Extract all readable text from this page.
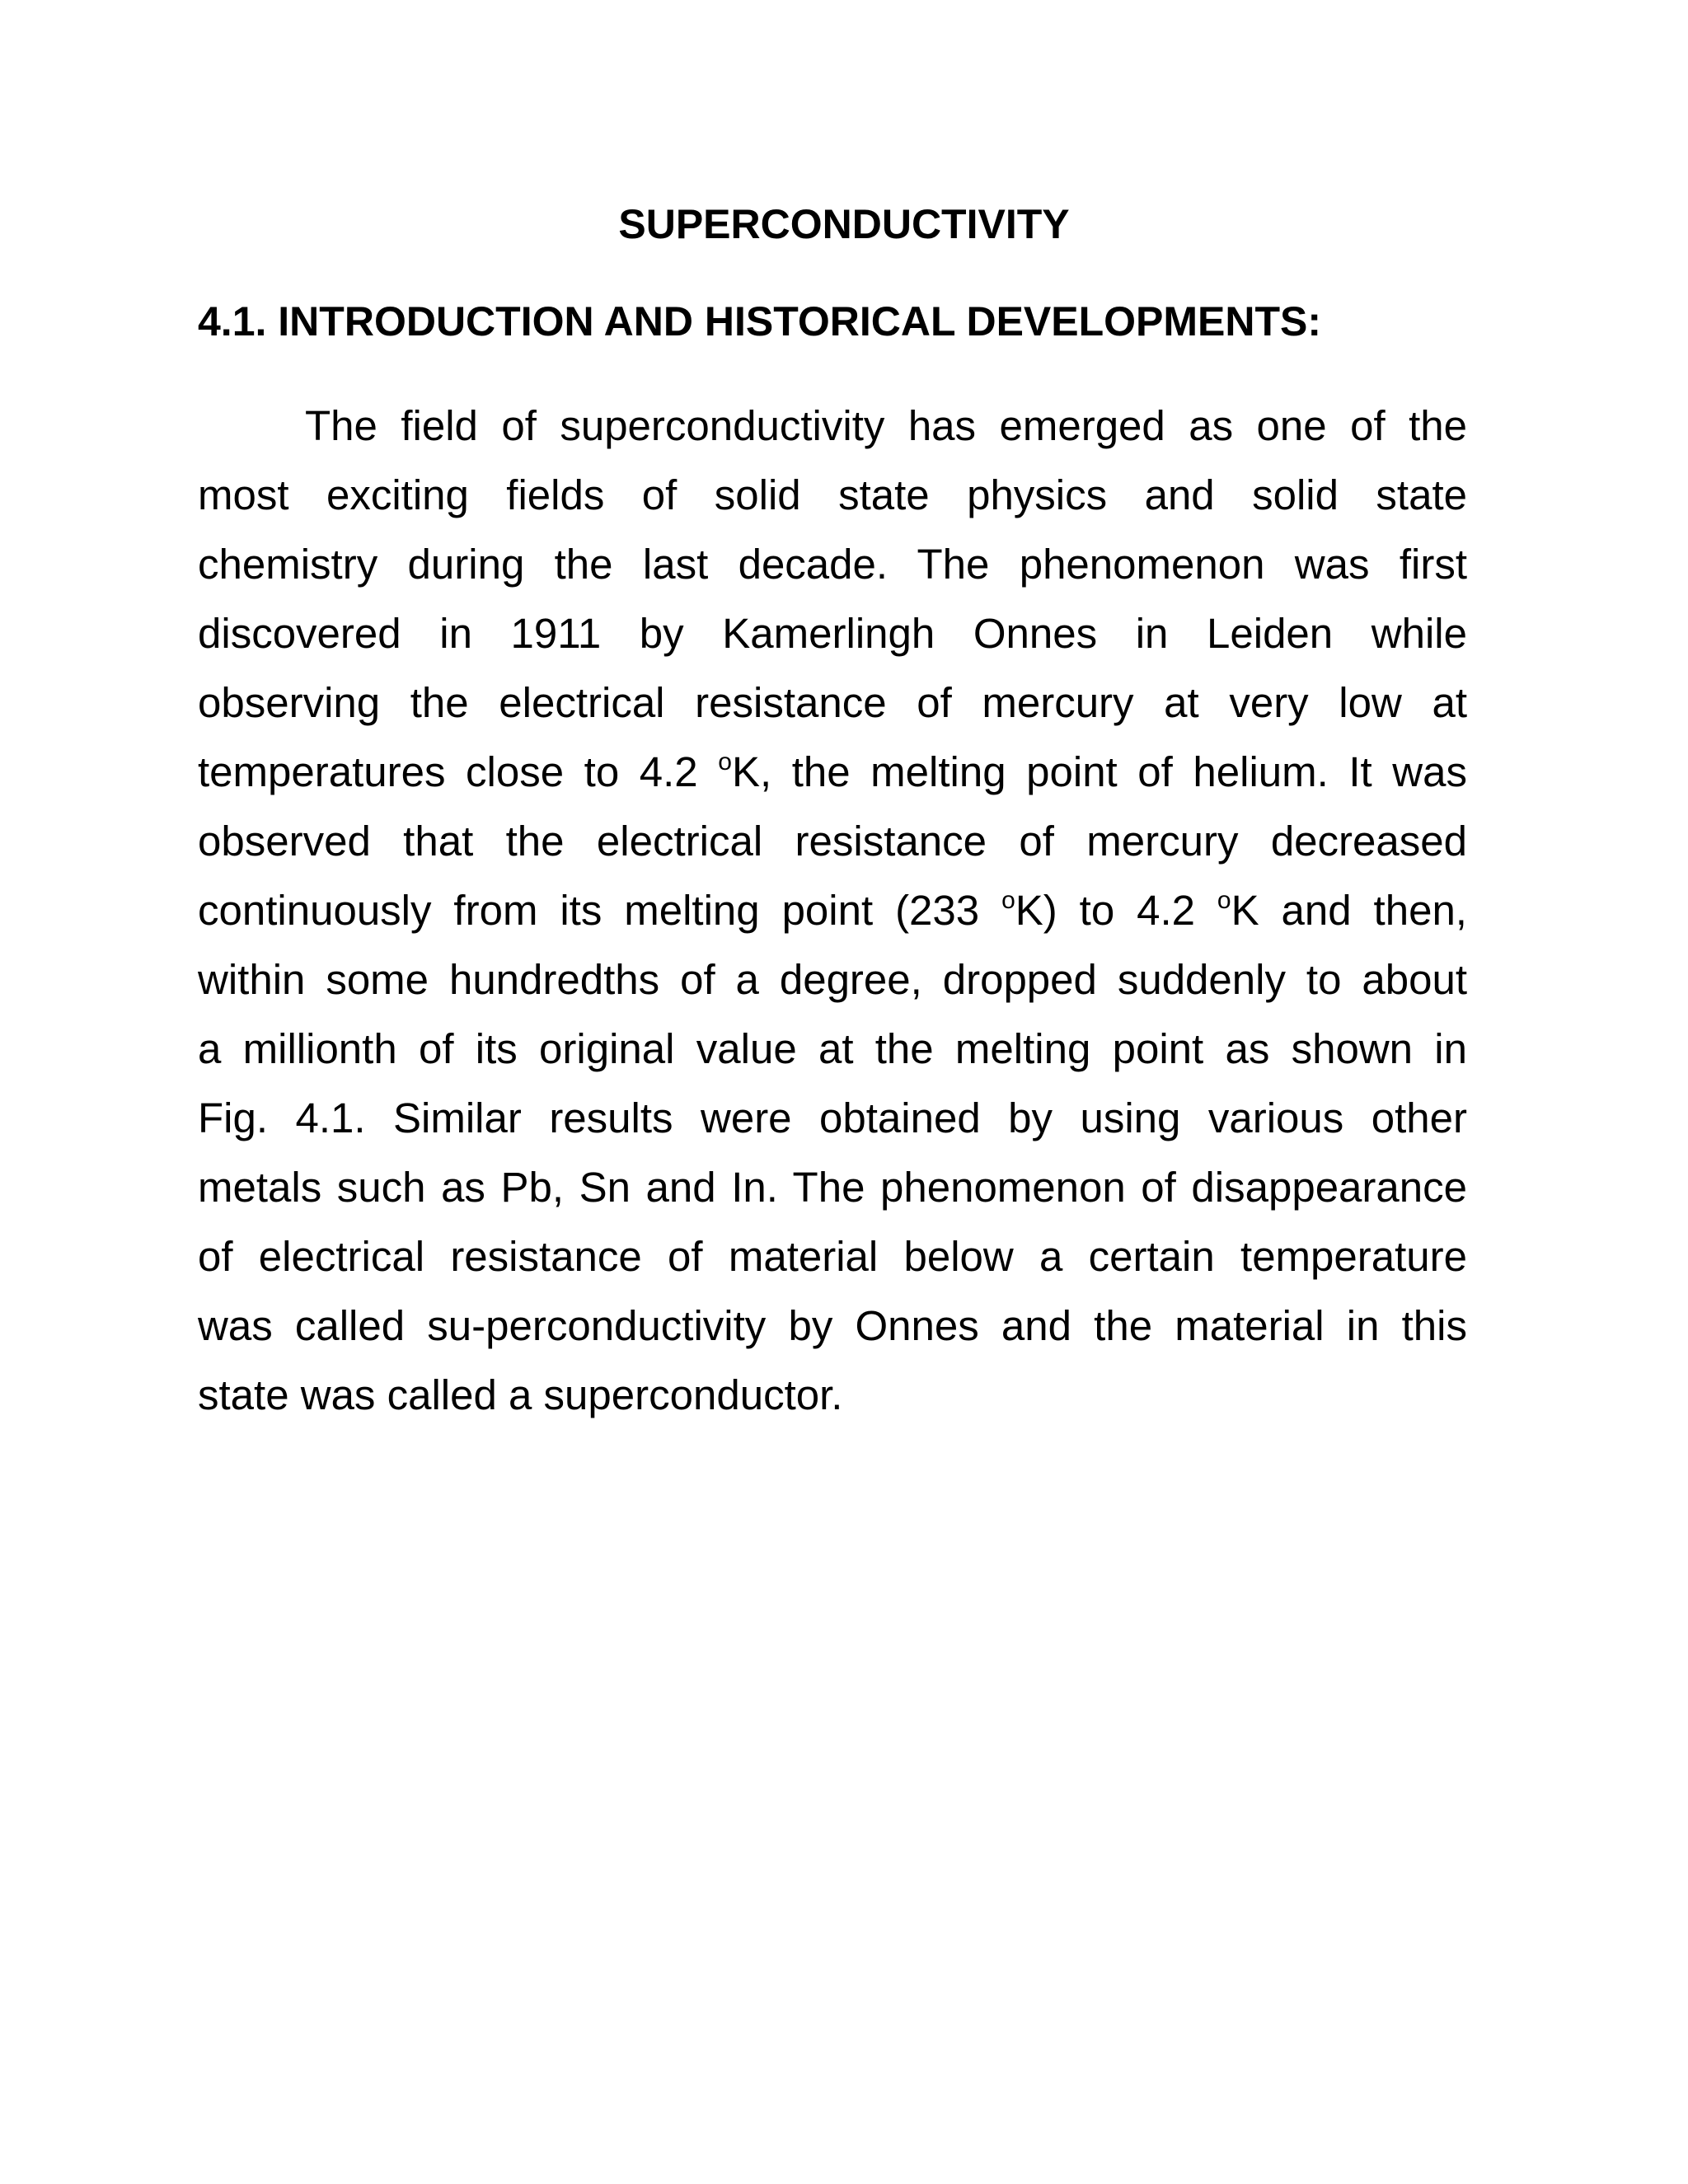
SUPERCONDUCTIVITY
4.1. INTRODUCTION AND HISTORICAL DEVELOPMENTS:
The field of superconductivity has emerged as one of the
most exciting fields of solid state physics and solid state
chemistry during the last decade. The phenomenon was first
discovered in 1911 by Kamerlingh Onnes in Leiden while
observing the electrical resistance of mercury at very low at
temperatures close to 4.2 $^o$K, the melting point of helium. It was
observed that the electrical resistance of mercury decreased
continuously from its melting point (233 $^o$K) to 4.2 $^o$K and then,
within some hundredths of a degree, dropped suddenly to about
a millionth of its original value at the melting point as shown in
Fig. 4.1. Similar results were obtained by using various other
metals such as Pb, Sn and In. The phenomenon of disappearance
of electrical resistance of material below a certain temperature
was called su-perconductivity by Onnes and the material in this
state was called a superconductor.
